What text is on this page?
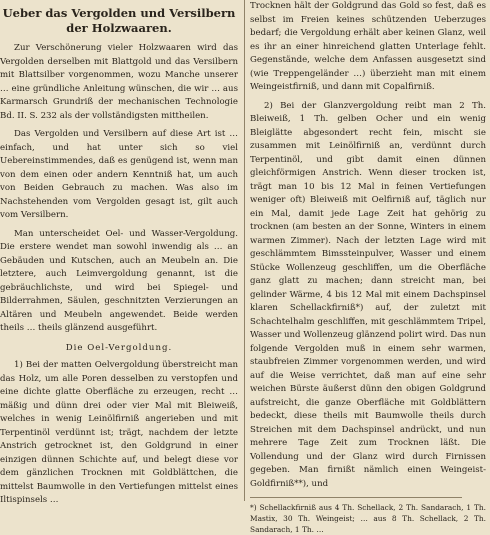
Ueber das Vergolden und Versilbern
der Holzwaaren.

Zur Verschönerung vieler Holzwaaren wird das Vergolden derselben mit Blattgold und das Versilbern mit Blattsilber vorgenommen, wozu Manche unserer … eine gründliche Anleitung wünschen, die wir … aus Karmarsch Grundriß der mechanischen Technologie Bd. II. S. 232 als der vollständigsten mittheilen.

Das Vergolden und Versilbern auf diese Art ist … einfach, und hat unter sich so viel Uebereinstimmendes, daß es genügend ist, wenn man von dem einen oder andern Kenntniß hat, um auch von Beiden Gebrauch zu machen. Was also im Nachstehenden vom Vergolden gesagt ist, gilt auch vom Versilbern.

Man unterscheidet Oel- und Wasser-Vergoldung. Die erstere wendet man sowohl inwendig als … an Gebäuden und Kutschen, auch an Meubeln an. Die letztere, auch Leimvergoldung genannt, ist die gebräuchlichste, und wird bei Spiegel- und Bilderrahmen, Säulen, geschnitzten Verzierungen an Altären und Meubeln angewendet. Beide werden theils … theils glänzend ausgeführt.

Die Oel-Vergoldung.

1) Bei der matten Oelvergoldung überstreicht man das Holz, um alle Poren desselben zu verstopfen und eine dichte glatte Oberfläche zu erzeugen, recht … mäßig und dünn drei oder vier Mal mit Bleiweiß, welches in wenig Leinölfirniß angerieben und mit Terpentinöl verdünnt ist; trägt, nachdem der letzte Anstrich getrocknet ist, den Goldgrund in einer einzigen dünnen Schichte auf, und belegt diese vor dem gänzlichen Trocknen mit Goldblättchen, die mittelst Baumwolle in den Vertiefungen mittelst eines Iltispinsels …

Trocknen hält der Goldgrund das Gold so fest, daß es selbst im Freien keines schützenden Ueberzuges bedarf; die Vergoldung erhält aber keinen Glanz, weil es ihr an einer hinreichend glatten Unterlage fehlt. Gegenstände, welche dem Anfassen ausgesetzt sind (wie Treppengeländer …) überzieht man mit einem Weingeistfirniß, und dann mit Copalfirniß.

2) Bei der Glanzvergoldung reibt man 2 Th. Bleiweiß, 1 Th. gelben Ocher und ein wenig Bleiglätte abgesondert recht fein, mischt sie zusammen mit Leinölfirniß an, verdünnt durch Terpentinöl, und gibt damit einen dünnen gleichförmigen Anstrich. Wenn dieser trocken ist, trägt man 10 bis 12 Mal in feinen Vertiefungen weniger oft) Bleiweiß mit Oelfirniß auf, täglich nur ein Mal, damit jede Lage Zeit hat gehörig zu trocknen (am besten an der Sonne, Winters in einem warmen Zimmer). Nach der letzten Lage wird mit geschlämmtem Bimssteinpulver, Wasser und einem Stücke Wollenzeug geschliffen, um die Oberfläche ganz glatt zu machen; dann streicht man, bei gelinder Wärme, 4 bis 12 Mal mit einem Dachspinsel klaren Schellackfirniß*) auf, der zuletzt mit Schachtelhalm geschliffen, mit geschlämmtem Tripel, Wasser und Wollenzeug glänzend polirt wird. Das nun folgende Vergolden muß in einem sehr warmen, staubfreien Zimmer vorgenommen werden, und wird auf die Weise verrichtet, daß man auf eine sehr weichen Bürste äußerst dünn den obigen Goldgrund aufstreicht, die ganze Oberfläche mit Goldblättern bedeckt, diese theils mit Baumwolle theils durch Streichen mit dem Dachspinsel andrückt, und nun mehrere Tage Zeit zum Trocknen läßt. Die Vollendung und der Glanz wird durch Firnissen gegeben. Man firnißt nämlich einen Weingeist-Goldfirniß**), und

*) Schellackfirniß aus 4 Th. Schellack, 2 Th. Sandarach, 1 Th. Mastix, 30 Th. Weingeist; … aus 8 Th. Schellack, 2 Th. Sandarach, 1 Th. …
